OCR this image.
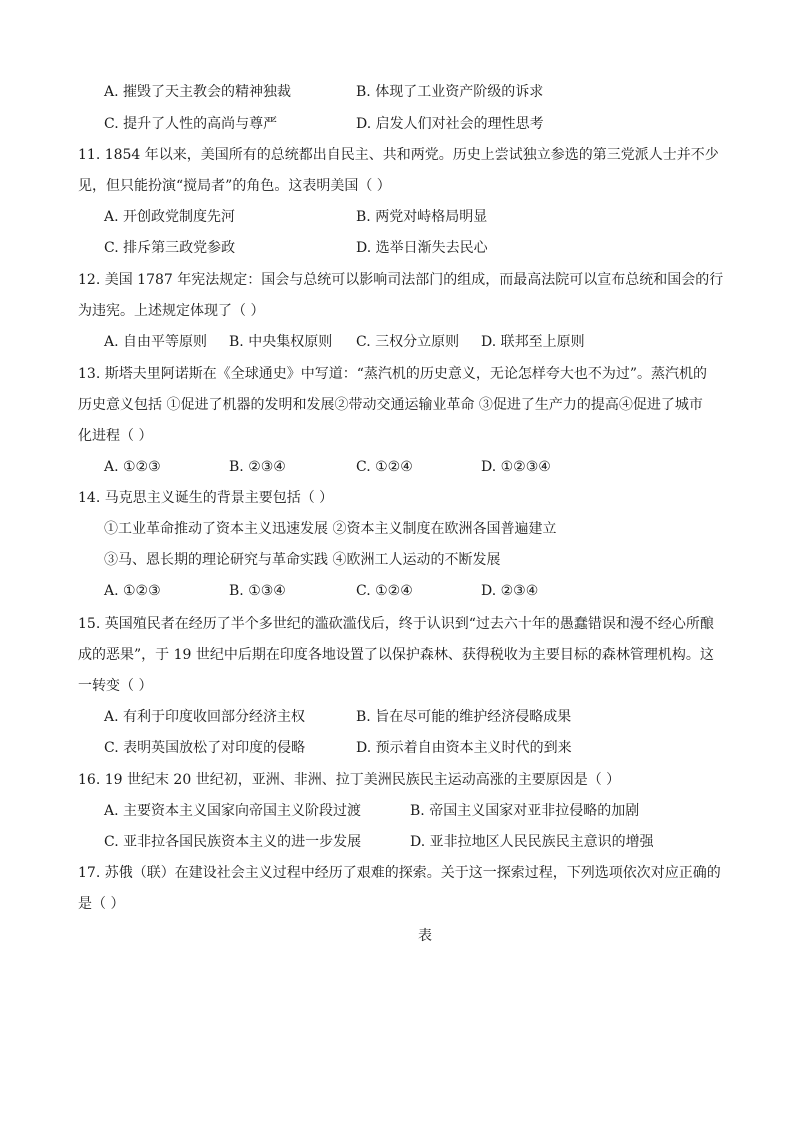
A. 摧毁了天主教会的精神独裁	B. 体现了工业资产阶级的诉求
C. 提升了人性的高尚与尊严	D. 启发人们对社会的理性思考
11. 1854 年以来，美国所有的总统都出自民主、共和两党。历史上尝试独立参选的第三党派人士并不少
见，但只能扮演“搅局者”的角色。这表明美国（ ）
A. 开创政党制度先河	B. 两党对峙格局明显
C. 排斥第三政党参政	D. 选举日渐失去民心
12. 美国 1787 年宪法规定：国会与总统可以影响司法部门的组成，而最高法院可以宣布总统和国会的行
为违宪。上述规定体现了（ ）
A. 自由平等原则 B. 中央集权原则 C. 三权分立原则 D. 联邦至上原则
13. 斯塔夫里阿诺斯在《全球通史》中写道：“蒸汽机的历史意义，无论怎样夸大也不为过”。蒸汽机的
历史意义包括 ①促进了机器的发明和发展②带动交通运输业革命 ③促进了生产力的提高④促进了城市
化进程（ ）
A. ①②③	B. ②③④	C. ①②④	D. ①②③④
14. 马克思主义诞生的背景主要包括（ ）
①工业革命推动了资本主义迅速发展 ②资本主义制度在欧洲各国普遍建立
③马、恩长期的理论研究与革命实践 ④欧洲工人运动的不断发展
A. ①②③	B. ①③④	C. ①②④	D. ②③④
15. 英国殖民者在经历了半个多世纪的滥砍滥伐后，终于认识到“过去六十年的愚蠢错误和漫不经心所酿
成的恶果”，于 19 世纪中后期在印度各地设置了以保护森林、获得税收为主要目标的森林管理机构。这
一转变（ ）
A. 有利于印度收回部分经济主权	B. 旨在尽可能的维护经济侵略成果
C. 表明英国放松了对印度的侵略	D. 预示着自由资本主义时代的到来
16. 19 世纪末 20 世纪初，亚洲、非洲、拉丁美洲民族民主运动高涨的主要原因是（ ）
A. 主要资本主义国家向帝国主义阶段过渡	B. 帝国主义国家对亚非拉侵略的加剧
C. 亚非拉各国民族资本主义的进一步发展	D. 亚非拉地区人民民族民主意识的增强
17. 苏俄（联）在建设社会主义过程中经历了艰难的探索。关于这一探索过程，下列选项依次对应正确的
是（ ）
表
